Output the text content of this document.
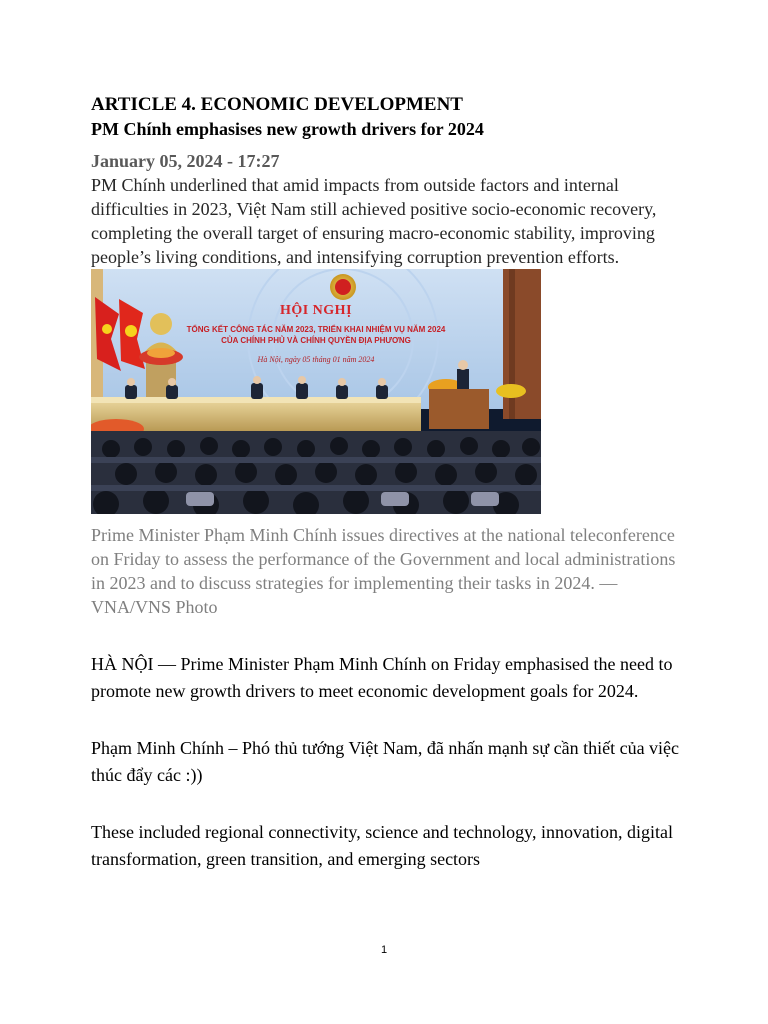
ARTICLE 4. ECONOMIC DEVELOPMENT
PM Chính emphasises new growth drivers for 2024

January 05, 2024 - 17:27

PM Chính underlined that amid impacts from outside factors and internal difficulties in 2023, Việt Nam still achieved positive socio-economic recovery, completing the overall target of ensuring macro-economic stability, improving people’s living conditions, and intensifying corruption prevention efforts.

HỘI NGHỊ
TỔNG KẾT CÔNG TÁC NĂM 2023, TRIỂN KHAI NHIỆM VỤ NĂM 2024
CỦA CHÍNH PHỦ VÀ CHÍNH QUYỀN ĐỊA PHƯƠNG
Hà Nội, ngày 05 tháng 01 năm 2024

Prime Minister Phạm Minh Chính issues directives at the national teleconference on Friday to assess the performance of the Government and local administrations in 2023 and to discuss strategies for implementing their tasks in 2024. — VNA/VNS Photo

HÀ NỘI — Prime Minister Phạm Minh Chính on Friday emphasised the need to promote new growth drivers to meet economic development goals for 2024.

Phạm Minh Chính – Phó thủ tướng Việt Nam, đã nhấn mạnh sự cần thiết của việc thúc đẩy các :))

These included regional connectivity, science and technology, innovation, digital transformation, green transition, and emerging sectors

1
